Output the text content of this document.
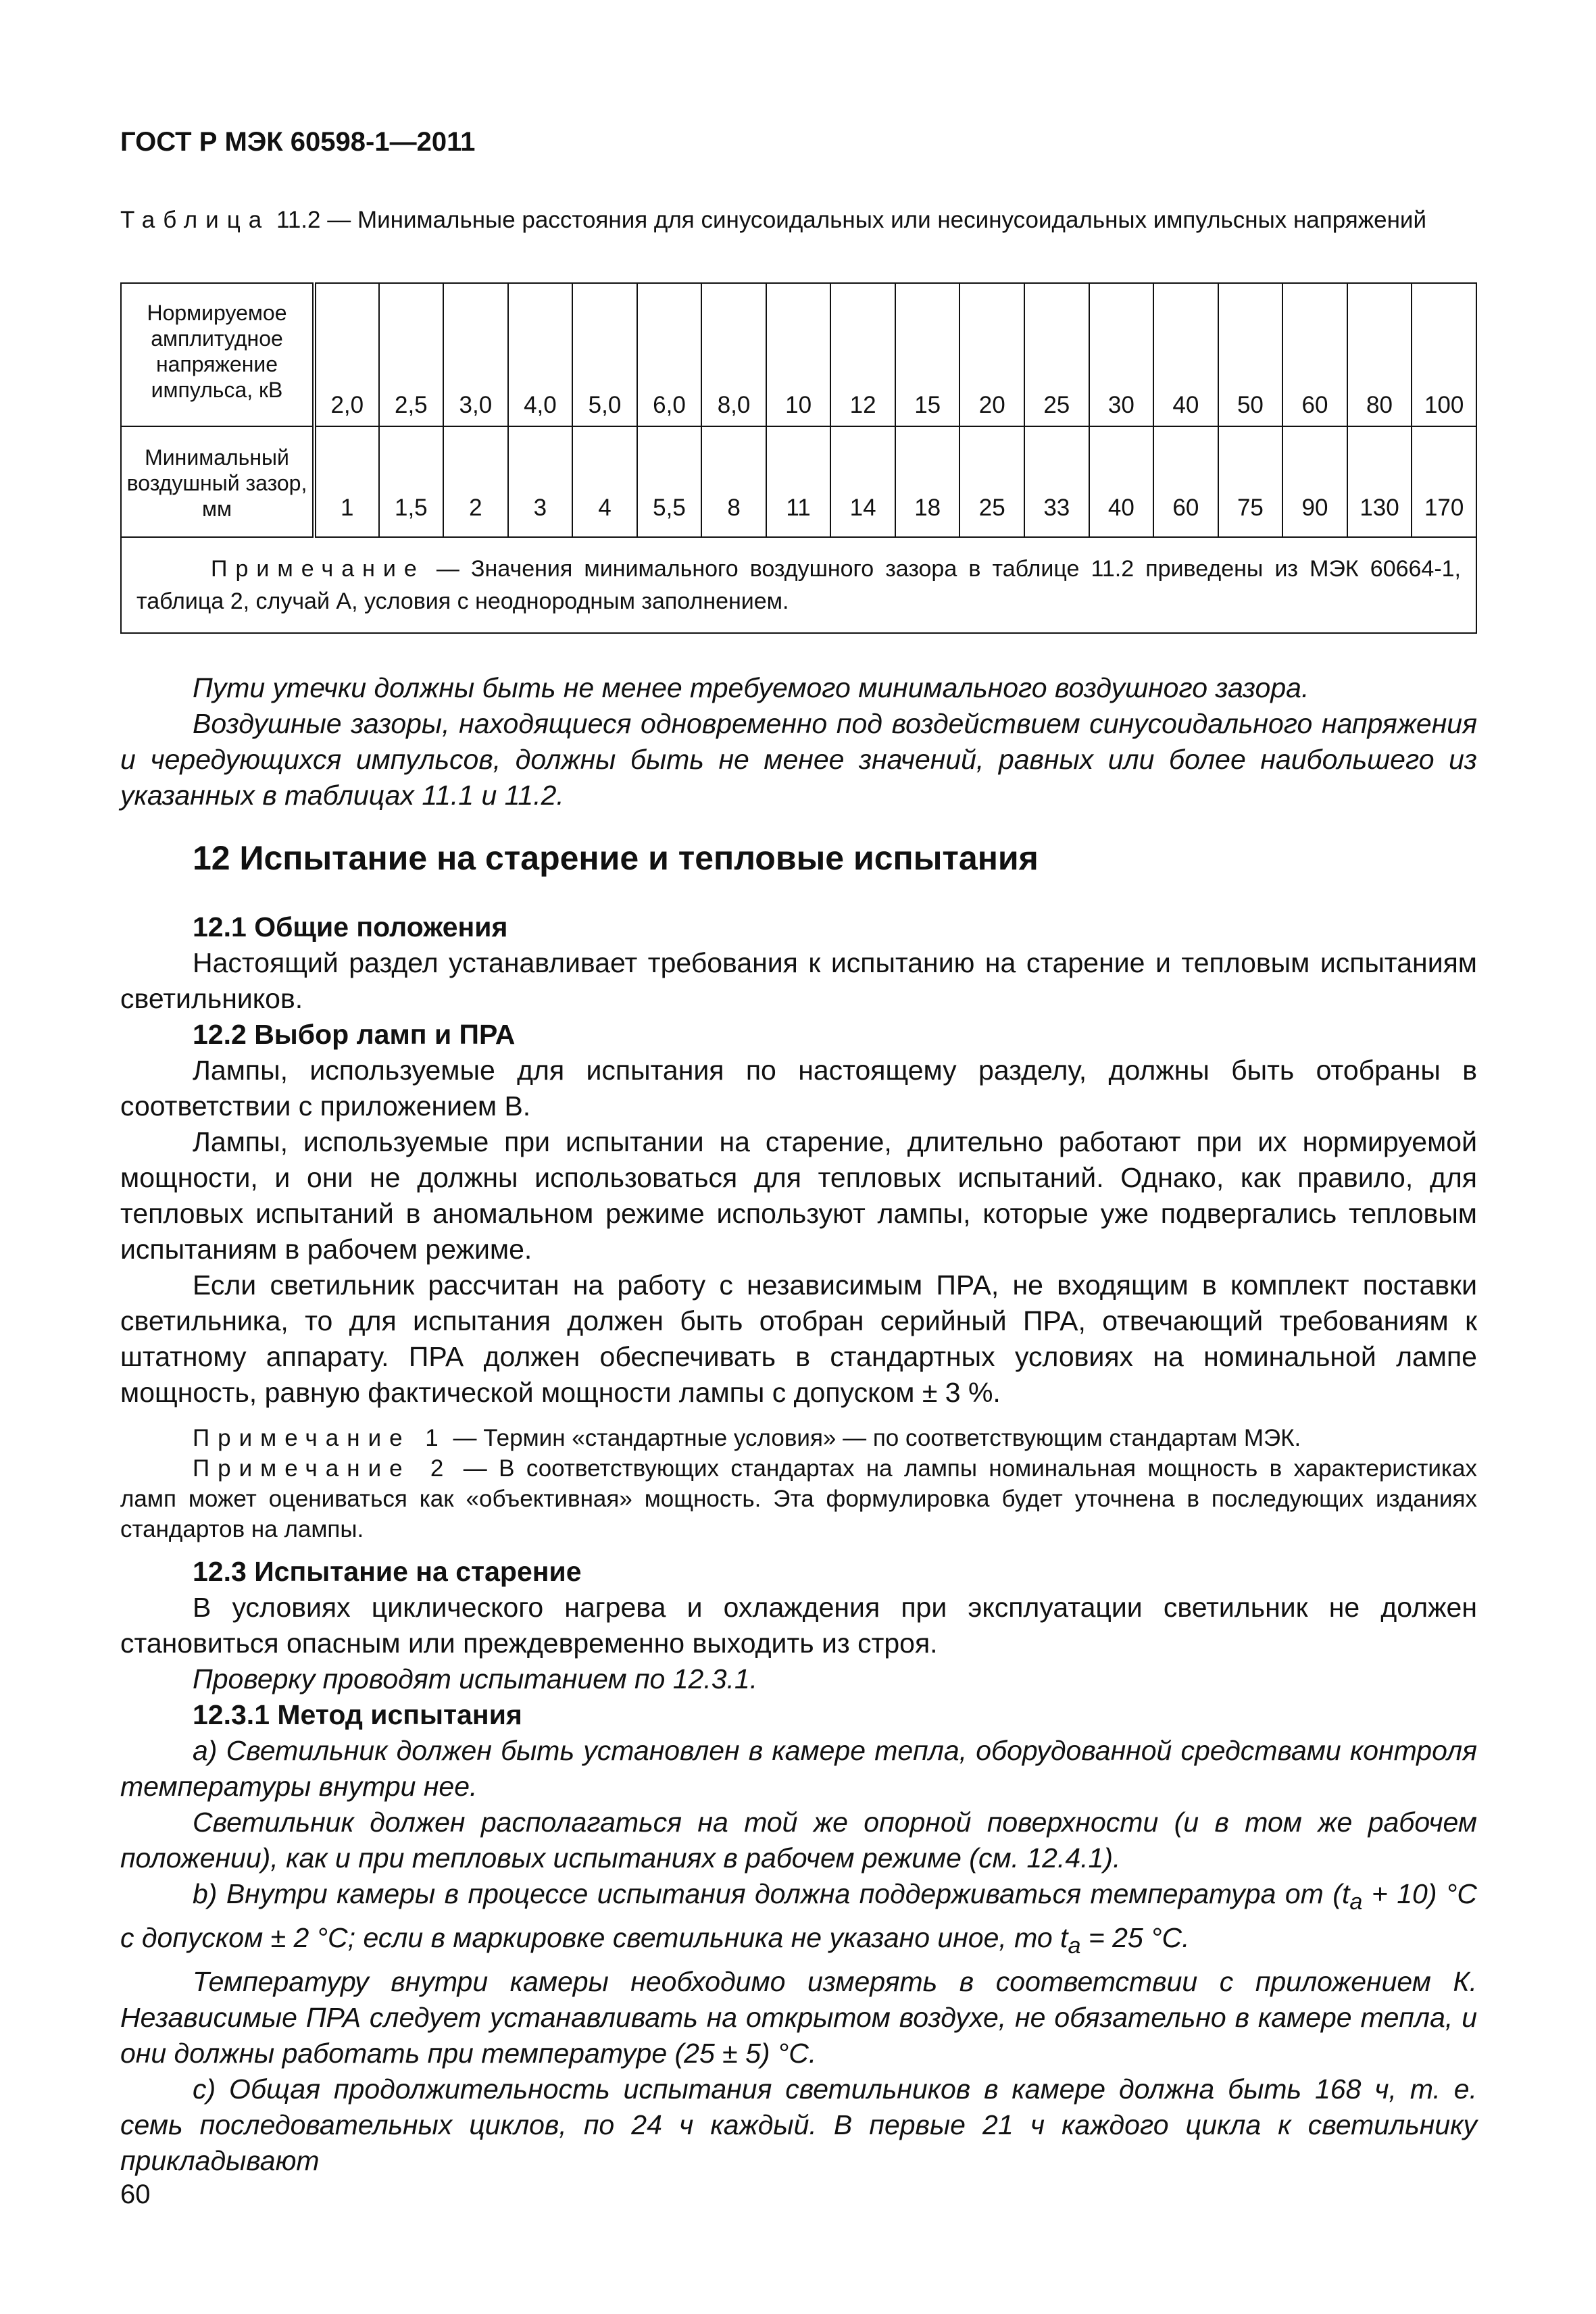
ГОСТ Р МЭК 60598-1—2011
Таблица 11.2 — Минимальные расстояния для синусоидальных или несинусоидальных импульсных напряжений
Нормируемое амплитудное напряжение импульса, кВ	2,0	2,5	3,0	4,0	5,0	6,0	8,0	10	12	15	20	25	30	40	50	60	80	100
Минимальный воздушный зазор, мм	1	1,5	2	3	4	5,5	8	11	14	18	25	33	40	60	75	90	130	170
Примечание — Значения минимального воздушного зазора в таблице 11.2 приведены из МЭК 60664-1, таблица 2, случай А, условия с неоднородным заполнением.																		

Пути утечки должны быть не менее требуемого минимального воздушного зазора.

Воздушные зазоры, находящиеся одновременно под воздействием синусоидального напряжения и чередующихся импульсов, должны быть не менее значений, равных или более наибольшего из указанных в таблицах 11.1 и 11.2.

12 Испытание на старение и тепловые испытания

12.1 Общие положения

Настоящий раздел устанавливает требования к испытанию на старение и тепловым испытаниям светильников.

12.2 Выбор ламп и ПРА

Лампы, используемые для испытания по настоящему разделу, должны быть отобраны в соответствии с приложением В.

Лампы, используемые при испытании на старение, длительно работают при их нормируемой мощности, и они не должны использоваться для тепловых испытаний. Однако, как правило, для тепловых испытаний в аномальном режиме используют лампы, которые уже подвергались тепловым испытаниям в рабочем режиме.

Если светильник рассчитан на работу с независимым ПРА, не входящим в комплект поставки светильника, то для испытания должен быть отобран серийный ПРА, отвечающий требованиям к штатному аппарату. ПРА должен обеспечивать в стандартных условиях на номинальной лампе мощность, равную фактической мощности лампы с допуском ± 3 %.

Примечание 1 — Термин «стандартные условия» — по соответствующим стандартам МЭК.

Примечание 2 — В соответствующих стандартах на лампы номинальная мощность в характеристиках ламп может оцениваться как «объективная» мощность. Эта формулировка будет уточнена в последующих изданиях стандартов на лампы.

12.3 Испытание на старение

В условиях циклического нагрева и охлаждения при эксплуатации светильник не должен становиться опасным или преждевременно выходить из строя.

Проверку проводят испытанием по 12.3.1.

12.3.1 Метод испытания

a) Светильник должен быть установлен в камере тепла, оборудованной средствами контроля температуры внутри нее.

Светильник должен располагаться на той же опорной поверхности (и в том же рабочем положении), как и при тепловых испытаниях в рабочем режиме (см. 12.4.1).

b) Внутри камеры в процессе испытания должна поддерживаться температура от $(t_a + 10)$ °С с допуском ± 2 °С; если в маркировке светильника не указано иное, то $t_a = 25$ °С.

Температуру внутри камеры необходимо измерять в соответствии с приложением К. Независимые ПРА следует устанавливать на открытом воздухе, не обязательно в камере тепла, и они должны работать при температуре (25 ± 5) °С.

c) Общая продолжительность испытания светильников в камере должна быть 168 ч, т. е. семь последовательных циклов, по 24 ч каждый. В первые 21 ч каждого цикла к светильнику прикладывают

60
